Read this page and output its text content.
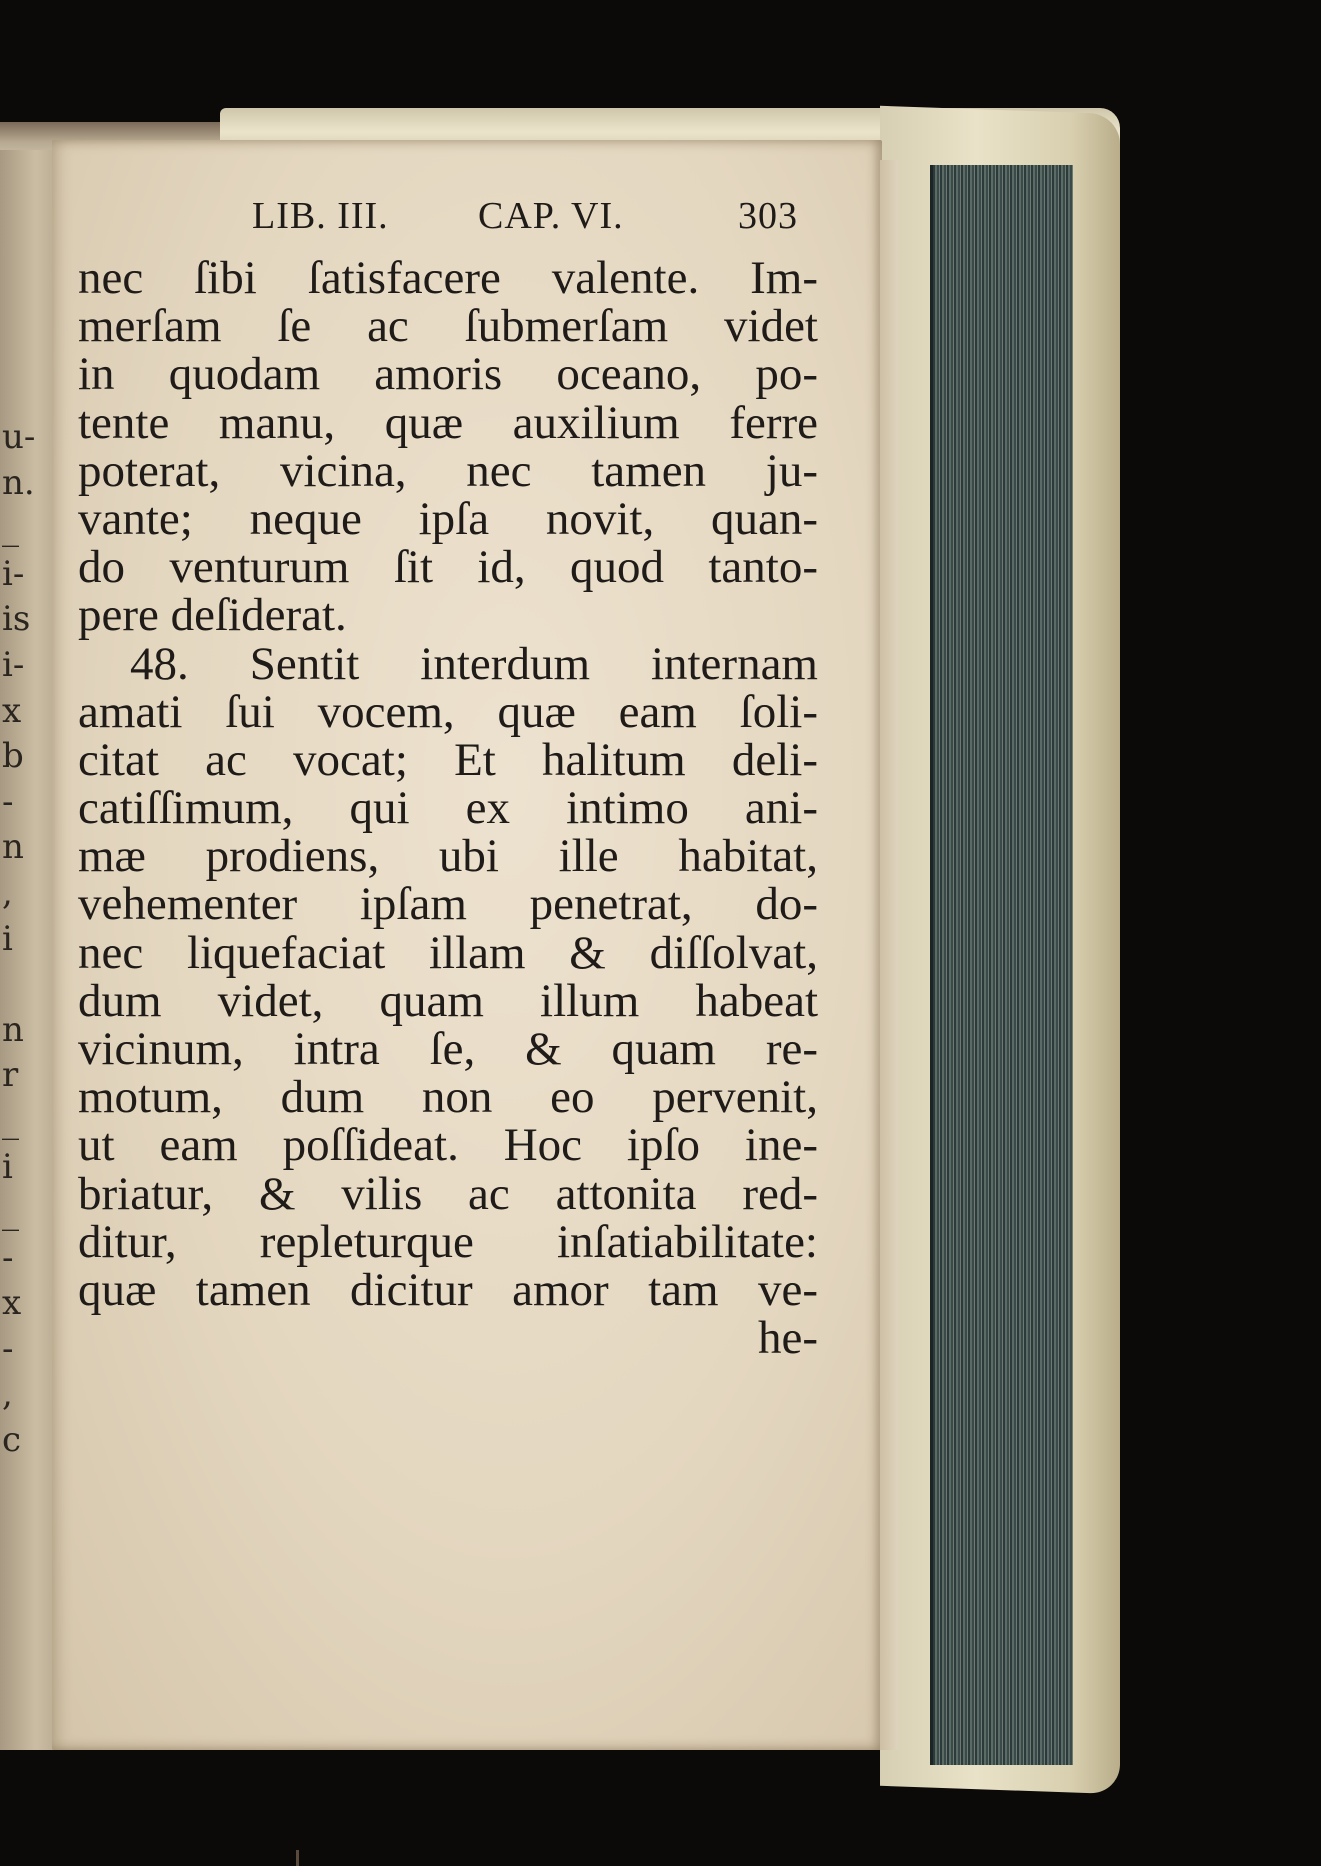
u-
n.
_
i-
is
i-
x
b
-
n
,
i
n
r
_
i
_
-
x
-
,
c
LIB. III. CAP. VI.	303
nec ſibi ſatisfacere valente. Im-
merſam ſe ac ſubmerſam videt
in quodam amoris oceano, po-
tente manu, quæ auxilium ferre
poterat, vicina, nec tamen ju-
vante; neque ipſa novit, quan-
do venturum ſit id, quod tanto-
pere deſiderat.
48. Sentit interdum internam
amati ſui vocem, quæ eam ſoli-
citat ac vocat; Et halitum deli-
catiſſimum, qui ex intimo ani-
mæ prodiens, ubi ille habitat,
vehementer ipſam penetrat, do-
nec liquefaciat illam & diſſolvat,
dum videt, quam illum habeat
vicinum, intra ſe, & quam re-
motum, dum non eo pervenit,
ut eam poſſideat. Hoc ipſo ine-
briatur, & vilis ac attonita red-
ditur, repleturque inſatiabilitate:
quæ tamen dicitur amor tam ve-
he-
